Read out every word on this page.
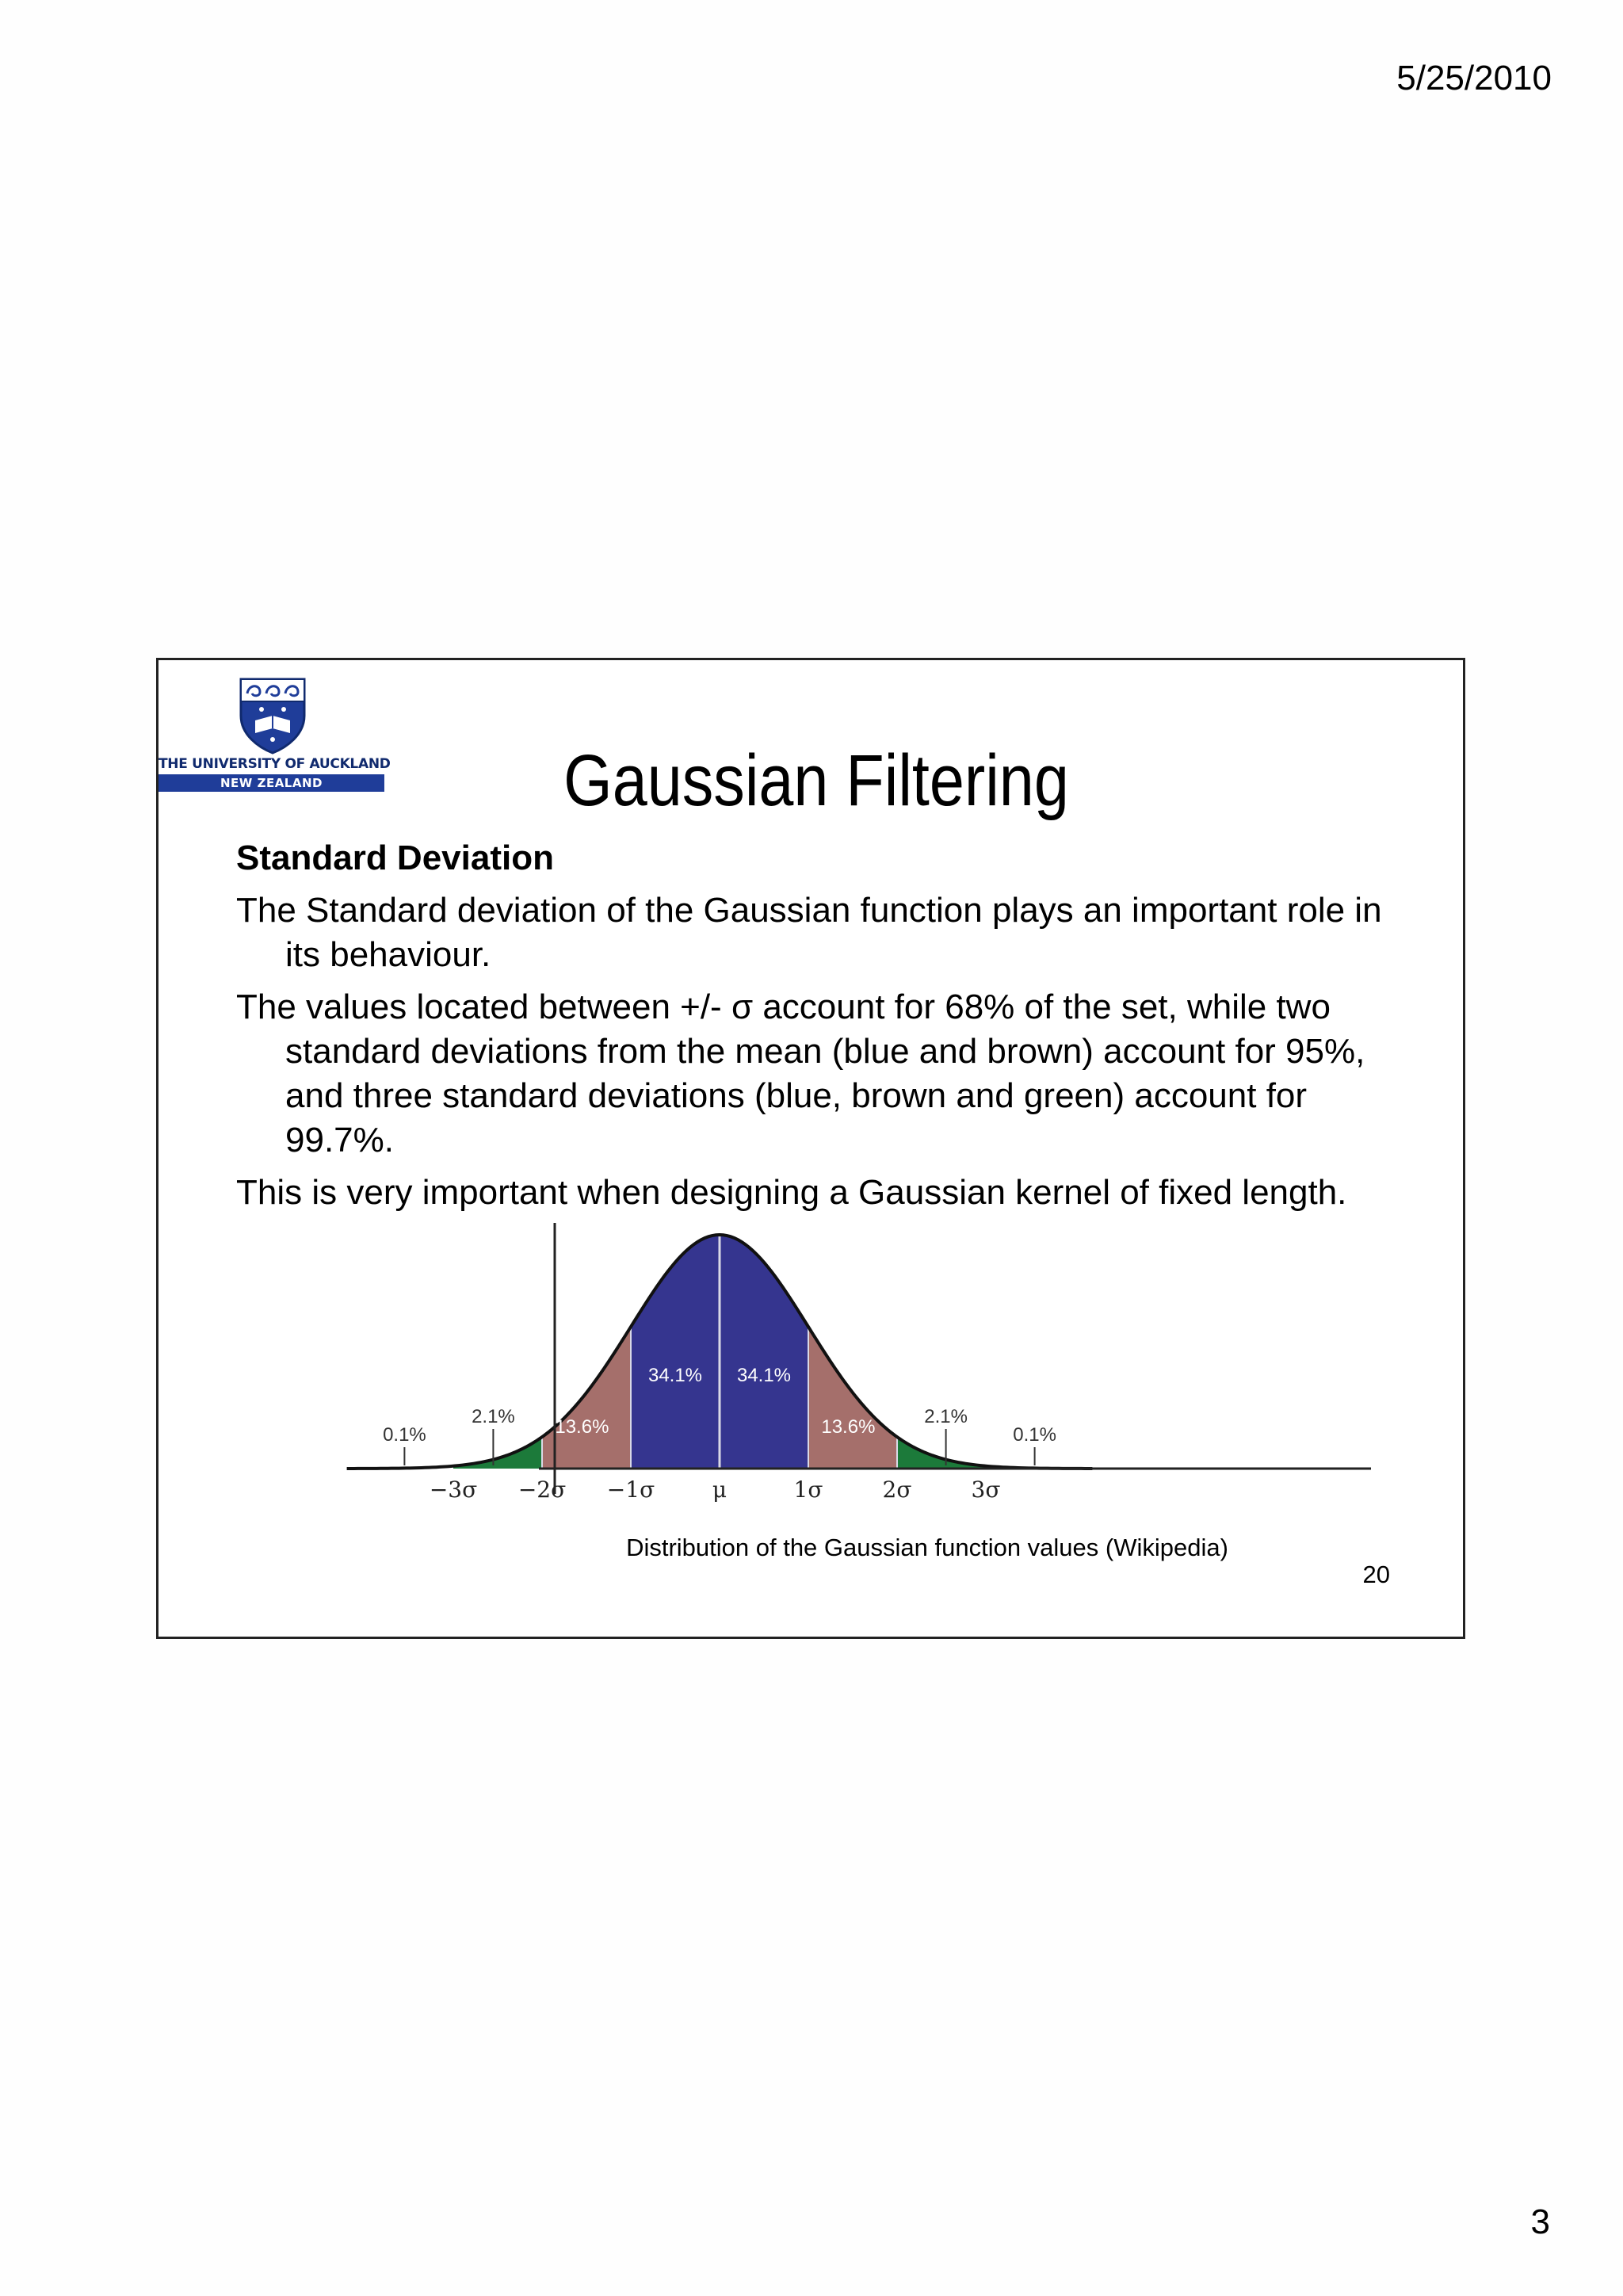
5/25/2010
THE UNIVERSITY OF AUCKLAND
NEW ZEALAND	Gaussian Filtering
Standard Deviation
The Standard deviation of the Gaussian function plays an important role in its behaviour.
The values located between +/- σ account for 68% of the set, while two standard deviations from the mean (blue and brown) account for 95%, and three standard deviations (blue, brown and green) account for 99.7%.
This is very important when designing a Gaussian kernel of fixed length.
−3σ −2σ −1σ	μ	1σ	2σ	3σ
0.1%
2.1% 13.6%
34.1% 34.1%
13.6%	2.1%
0.1%
Distribution of the Gaussian function values (Wikipedia)
20
3
